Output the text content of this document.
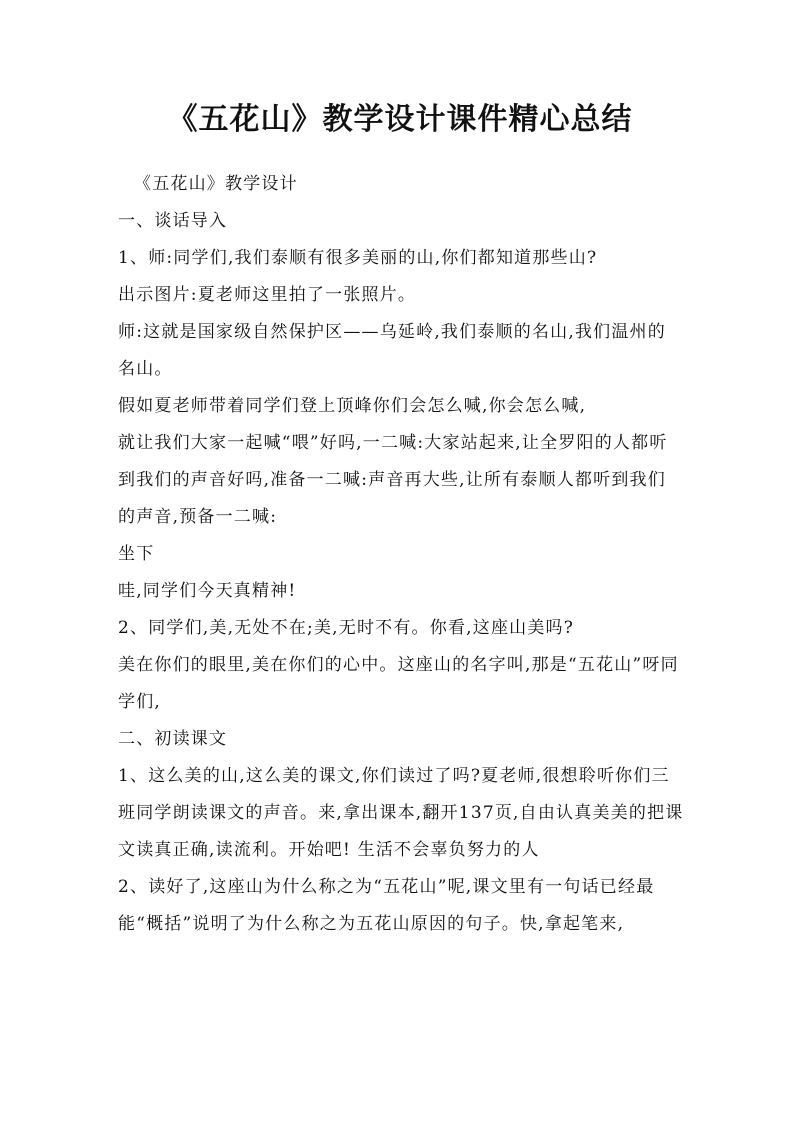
《五花山》教学设计课件精心总结

《五花山》教学设计

一、谈话导入

1、师:同学们,我们泰顺有很多美丽的山,你们都知道那些山?

出示图片:夏老师这里拍了一张照片。

师:这就是国家级自然保护区——乌延岭,我们泰顺的名山,我们温州的名山。

假如夏老师带着同学们登上顶峰你们会怎么喊,你会怎么喊,

就让我们大家一起喊“喂”好吗,一二喊:大家站起来,让全罗阳的人都听到我们的声音好吗,准备一二喊:声音再大些,让所有泰顺人都听到我们的声音,预备一二喊:

坐下

哇,同学们今天真精神!

2、同学们,美,无处不在;美,无时不有。你看,这座山美吗?

美在你们的眼里,美在你们的心中。这座山的名字叫,那是“五花山”呀同学们,

二、初读课文

1、这么美的山,这么美的课文,你们读过了吗?夏老师,很想聆听你们三班同学朗读课文的声音。来,拿出课本,翻开137页,自由认真美美的把课文读真正确,读流利。开始吧! 生活不会辜负努力的人

2、读好了,这座山为什么称之为“五花山”呢,课文里有一句话已经最能“概括”说明了为什么称之为五花山原因的句子。快,拿起笔来,
